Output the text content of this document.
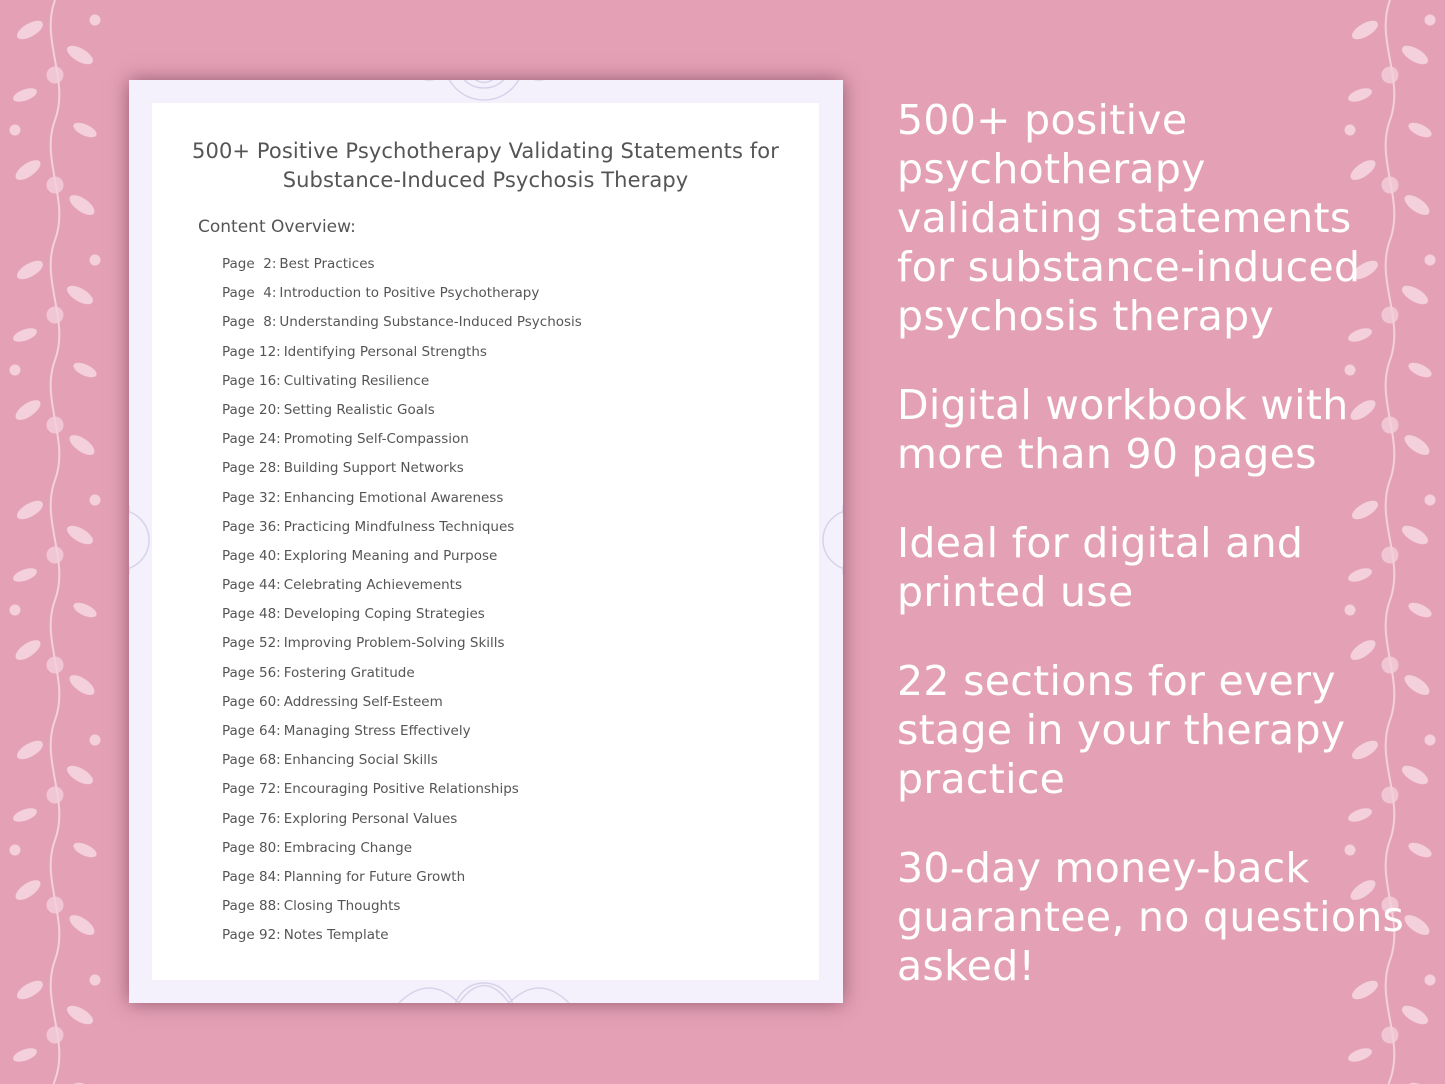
500+ Positive Psychotherapy Validating Statements for Substance-Induced Psychosis Therapy
Content Overview:
Page  2: Best Practices
Page  4: Introduction to Positive Psychotherapy
Page  8: Understanding Substance-Induced Psychosis
Page 12: Identifying Personal Strengths
Page 16: Cultivating Resilience
Page 20: Setting Realistic Goals
Page 24: Promoting Self-Compassion
Page 28: Building Support Networks
Page 32: Enhancing Emotional Awareness
Page 36: Practicing Mindfulness Techniques
Page 40: Exploring Meaning and Purpose
Page 44: Celebrating Achievements
Page 48: Developing Coping Strategies
Page 52: Improving Problem-Solving Skills
Page 56: Fostering Gratitude
Page 60: Addressing Self-Esteem
Page 64: Managing Stress Effectively
Page 68: Enhancing Social Skills
Page 72: Encouraging Positive Relationships
Page 76: Exploring Personal Values
Page 80: Embracing Change
Page 84: Planning for Future Growth
Page 88: Closing Thoughts
Page 92: Notes Template

500+ positive psychotherapy validating statements for substance-induced psychosis therapy

Digital workbook with more than 90 pages

Ideal for digital and printed use

22 sections for every stage in your therapy practice

30-day money-back guarantee, no questions asked!
